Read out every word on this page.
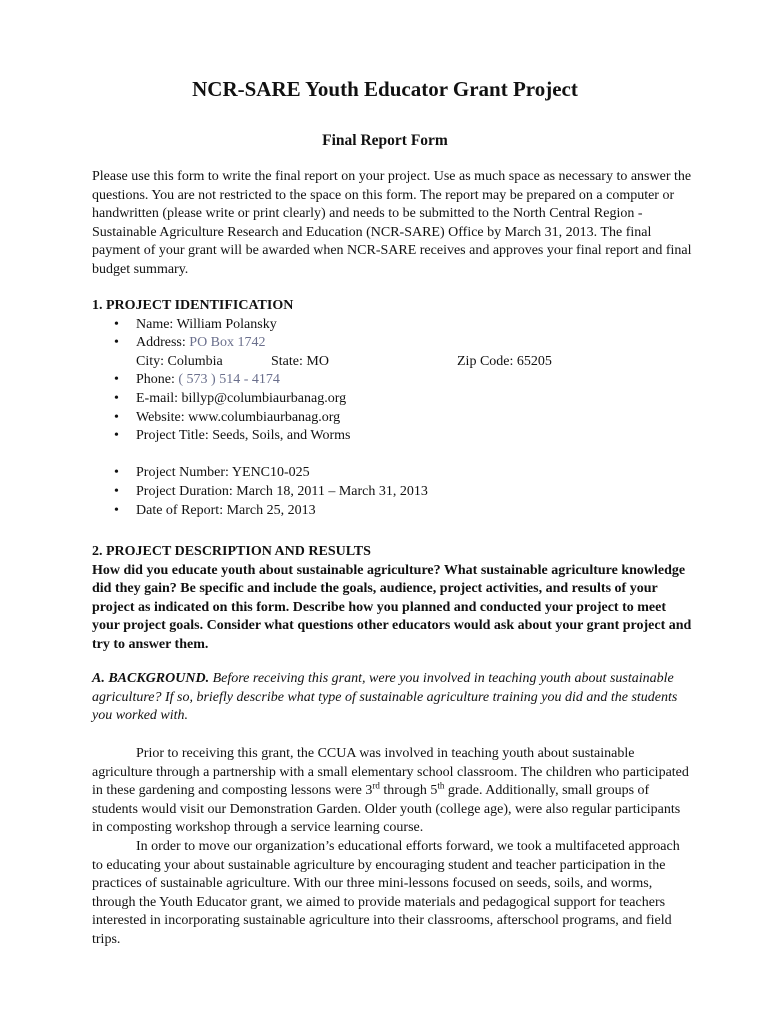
NCR-SARE Youth Educator Grant Project
Final Report Form
Please use this form to write the final report on your project. Use as much space as necessary to answer the questions. You are not restricted to the space on this form. The report may be prepared on a computer or handwritten (please write or print clearly) and needs to be submitted to the North Central Region - Sustainable Agriculture Research and Education (NCR-SARE) Office by March 31, 2013. The final payment of your grant will be awarded when NCR-SARE receives and approves your final report and final budget summary.
1. PROJECT IDENTIFICATION
• Name: William Polansky
• Address: PO Box 1742
City: Columbia	State: MO	Zip Code: 65205
• Phone: ( 573 ) 514 - 4174
• E-mail: billyp@columbiaurbanag.org
• Website: www.columbiaurbanag.org
• Project Title: Seeds, Soils, and Worms
• Project Number: YENC10-025
• Project Duration: March 18, 2011 – March 31, 2013
• Date of Report: March 25, 2013
2. PROJECT DESCRIPTION AND RESULTS
How did you educate youth about sustainable agriculture? What sustainable agriculture knowledge did they gain? Be specific and include the goals, audience, project activities, and results of your project as indicated on this form. Describe how you planned and conducted your project to meet your project goals. Consider what questions other educators would ask about your grant project and try to answer them.
A. BACKGROUND. Before receiving this grant, were you involved in teaching youth about sustainable agriculture? If so, briefly describe what type of sustainable agriculture training you did and the students you worked with.

Prior to receiving this grant, the CCUA was involved in teaching youth about sustainable agriculture through a partnership with a small elementary school classroom. The children who participated in these gardening and composting lessons were 3rd through 5th grade. Additionally, small groups of students would visit our Demonstration Garden. Older youth (college age), were also regular participants in composting workshop through a service learning course.

In order to move our organization’s educational efforts forward, we took a multifaceted approach to educating your about sustainable agriculture by encouraging student and teacher participation in the practices of sustainable agriculture. With our three mini-lessons focused on seeds, soils, and worms, through the Youth Educator grant, we aimed to provide materials and pedagogical support for teachers interested in incorporating sustainable agriculture into their classrooms, afterschool programs, and field trips.
